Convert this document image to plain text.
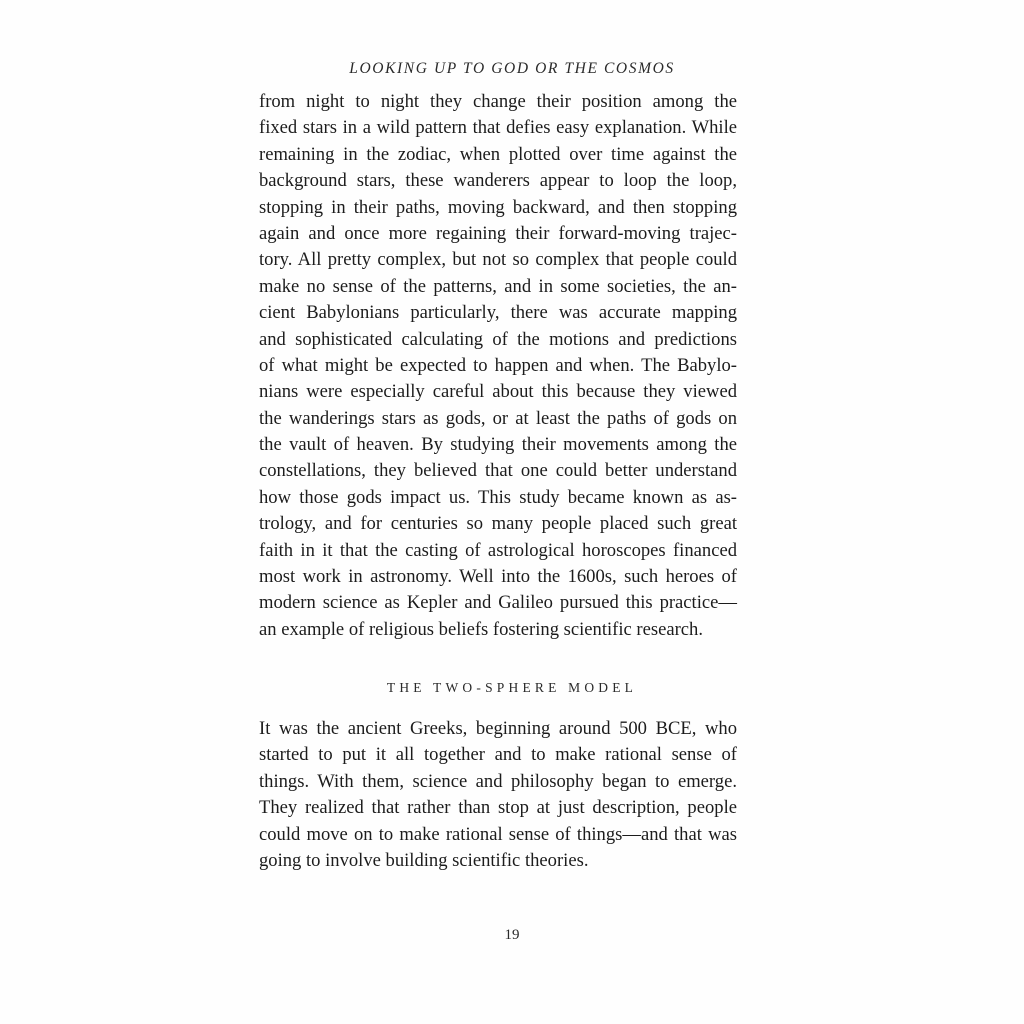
LOOKING UP TO GOD OR THE COSMOS
from night to night they change their position among the
fixed stars in a wild pattern that defies easy explanation. While
remaining in the zodiac, when plotted over time against the
background stars, these wanderers appear to loop the loop,
stopping in their paths, moving backward, and then stopping
again and once more regaining their forward-moving trajec-
tory. All pretty complex, but not so complex that people could
make no sense of the patterns, and in some societies, the an-
cient Babylonians particularly, there was accurate mapping
and sophisticated calculating of the motions and predictions
of what might be expected to happen and when. The Babylo-
nians were especially careful about this because they viewed
the wanderings stars as gods, or at least the paths of gods on
the vault of heaven. By studying their movements among the
constellations, they believed that one could better understand
how those gods impact us. This study became known as as-
trology, and for centuries so many people placed such great
faith in it that the casting of astrological horoscopes financed
most work in astronomy. Well into the 1600s, such heroes of
modern science as Kepler and Galileo pursued this practice—
an example of religious beliefs fostering scientific research.
THE TWO-SPHERE MODEL
It was the ancient Greeks, beginning around 500 BCE, who
started to put it all together and to make rational sense of
things. With them, science and philosophy began to emerge.
They realized that rather than stop at just description, people
could move on to make rational sense of things—and that was
going to involve building scientific theories.
19
